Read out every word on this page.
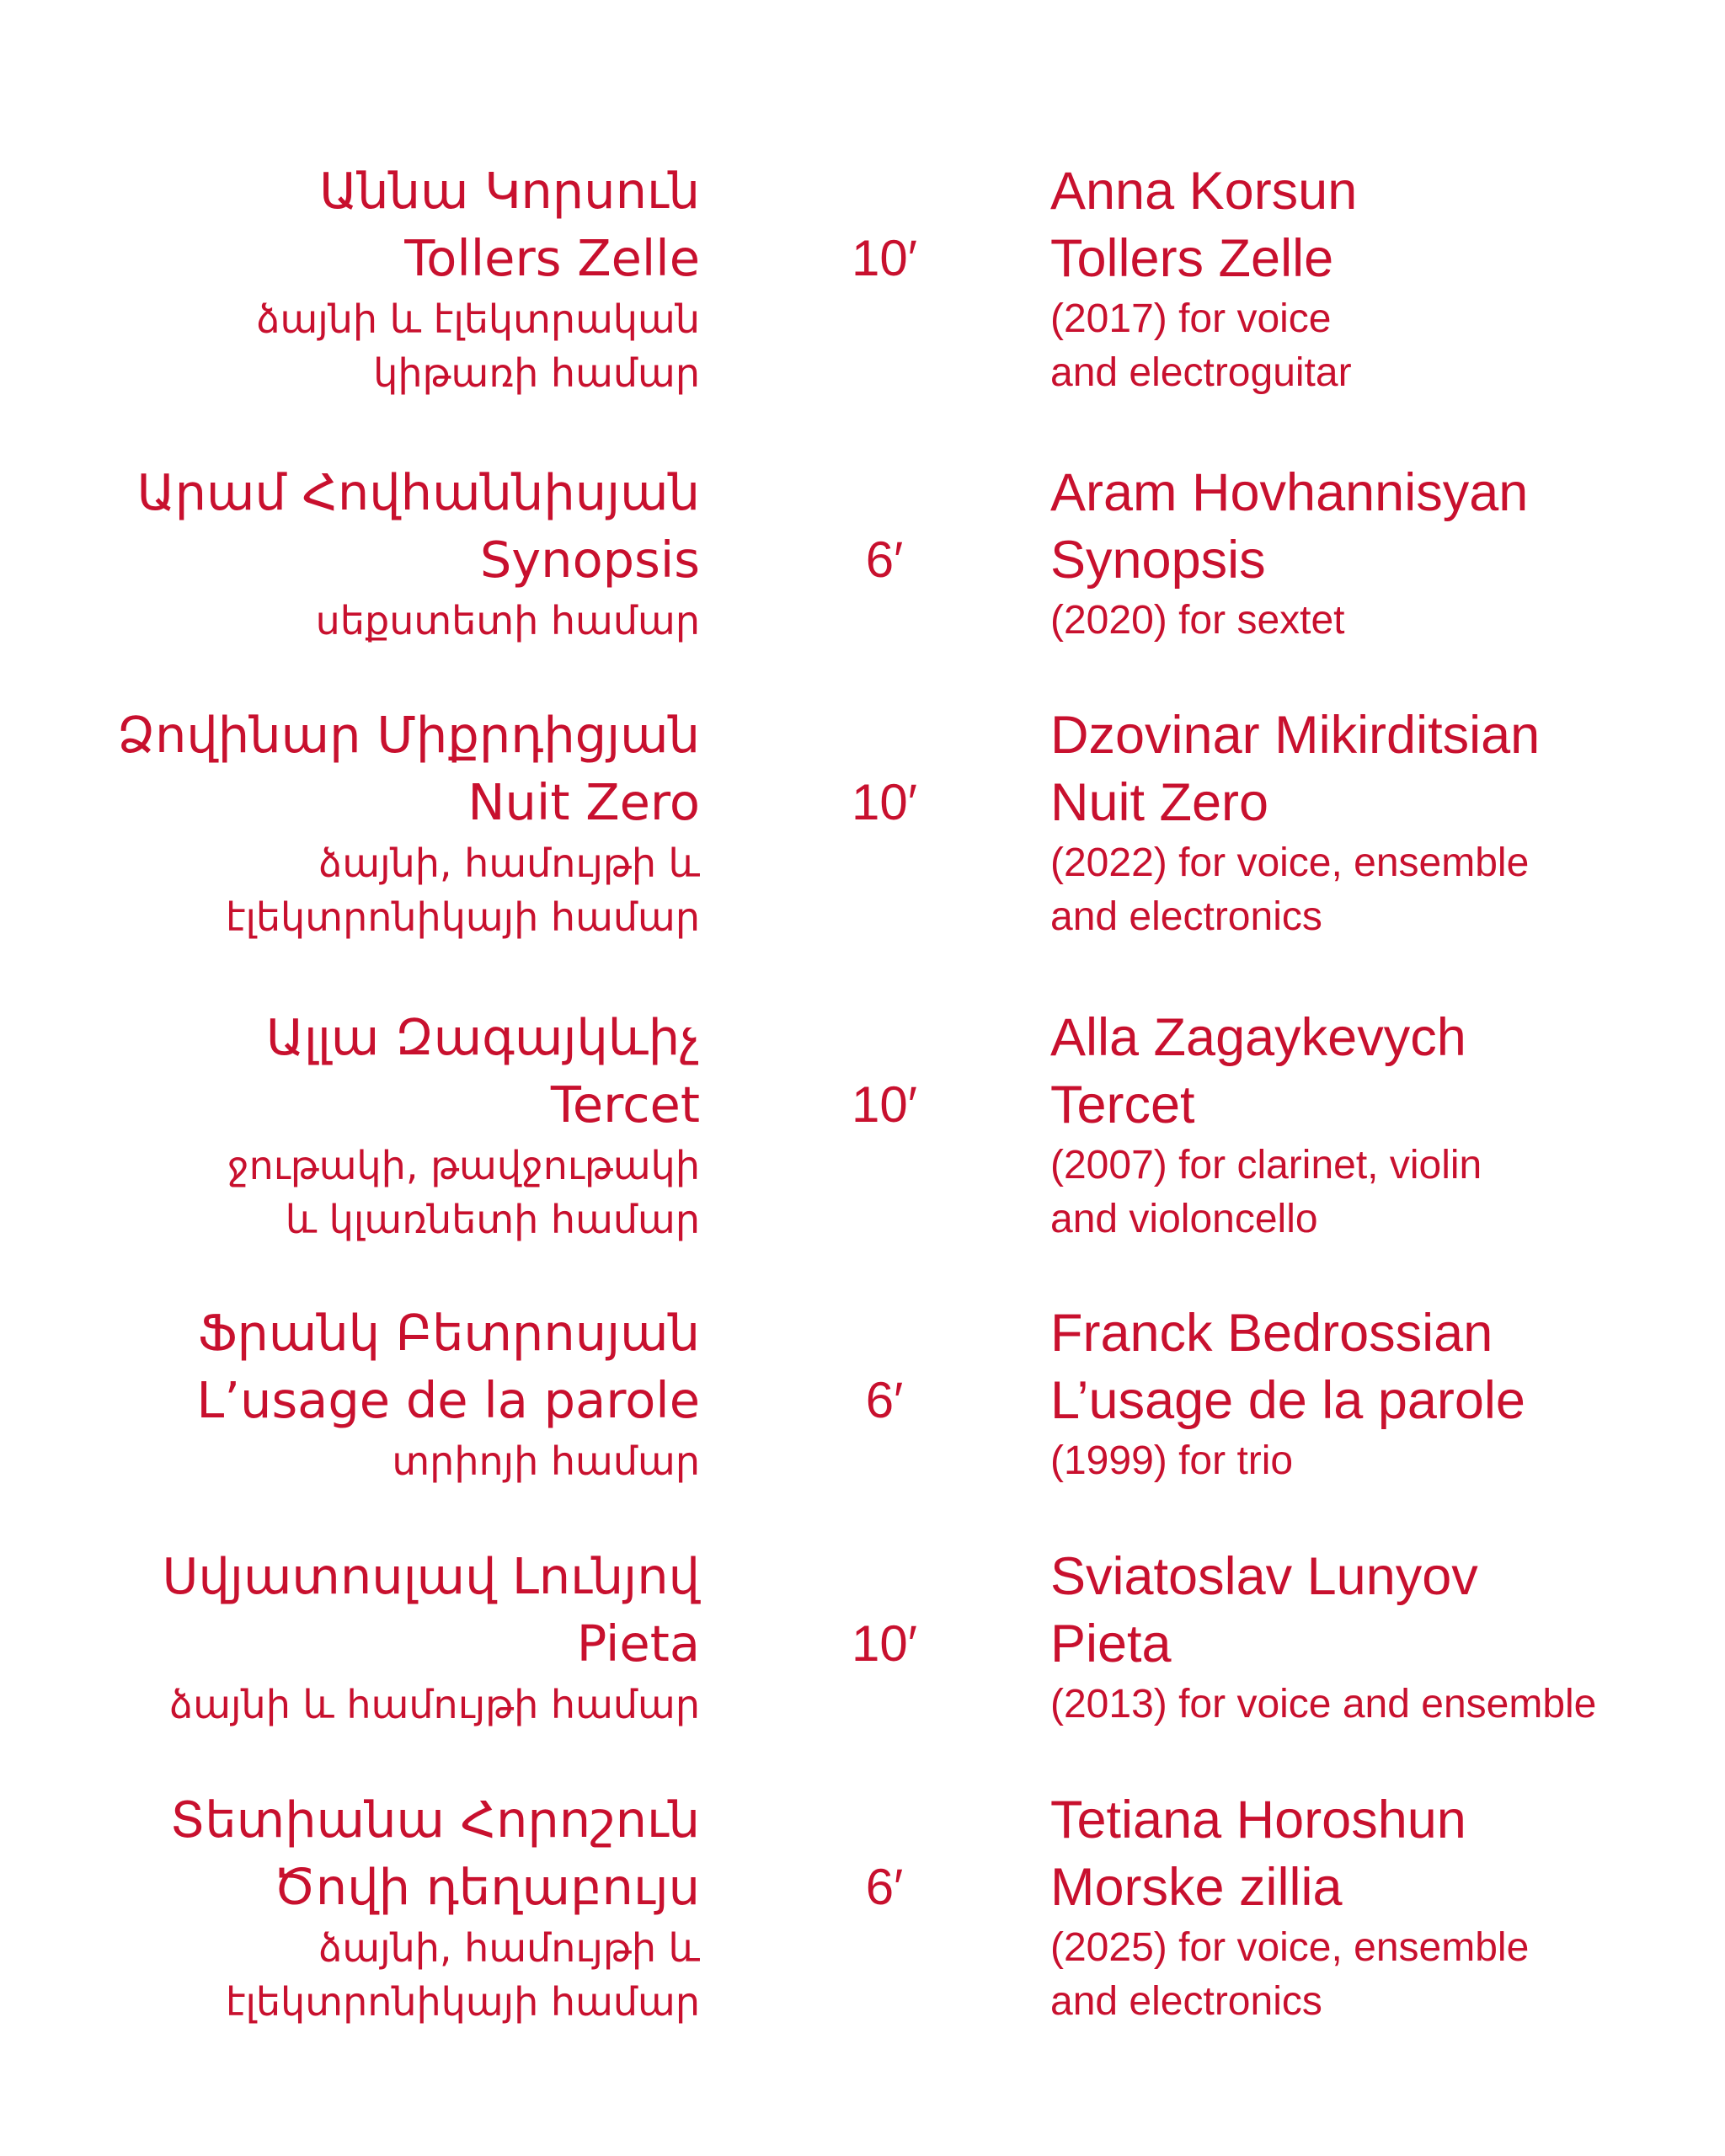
Աննա Կորսուն
Tollers Zelle
ձայնի և էլեկտրական
կիթառի համար
10′
Anna Korsun
Tollers Zelle
(2017) for voice
and electroguitar
Արամ Հովհաննիսյան
Synopsis
սեքստետի համար
6′
Aram Hovhannisyan
Synopsis
(2020) for sextet
Ձովինար Միքրդիցյան
Nuit Zero
ձայնի, համույթի և
էլեկտրոնիկայի համար
10′
Dzovinar Mikirditsian
Nuit Zero
(2022) for voice, ensemble
and electronics
Ալլա Զագայկևիչ
Tercet
ջութակի, թավջութակի
և կլառնետի համար
10′
Alla Zagaykevych
Tercet
(2007) for clarinet, violin
and violoncello
Ֆրանկ Բետրոսյան
L’usage de la parole
տրիոյի համար
6′
Franck Bedrossian
L’usage de la parole
(1999) for trio
Սվյատոսլավ Լունյով
Pieta
ձայնի և համույթի համար
10′
Sviatoslav Lunyov
Pieta
(2013) for voice and ensemble
Տետիանա Հորոշուն
Ծովի դեղաբույս
ձայնի, համույթի և
էլեկտրոնիկայի համար
6′
Tetiana Horoshun
Morske zillia
(2025) for voice, ensemble
and electronics
